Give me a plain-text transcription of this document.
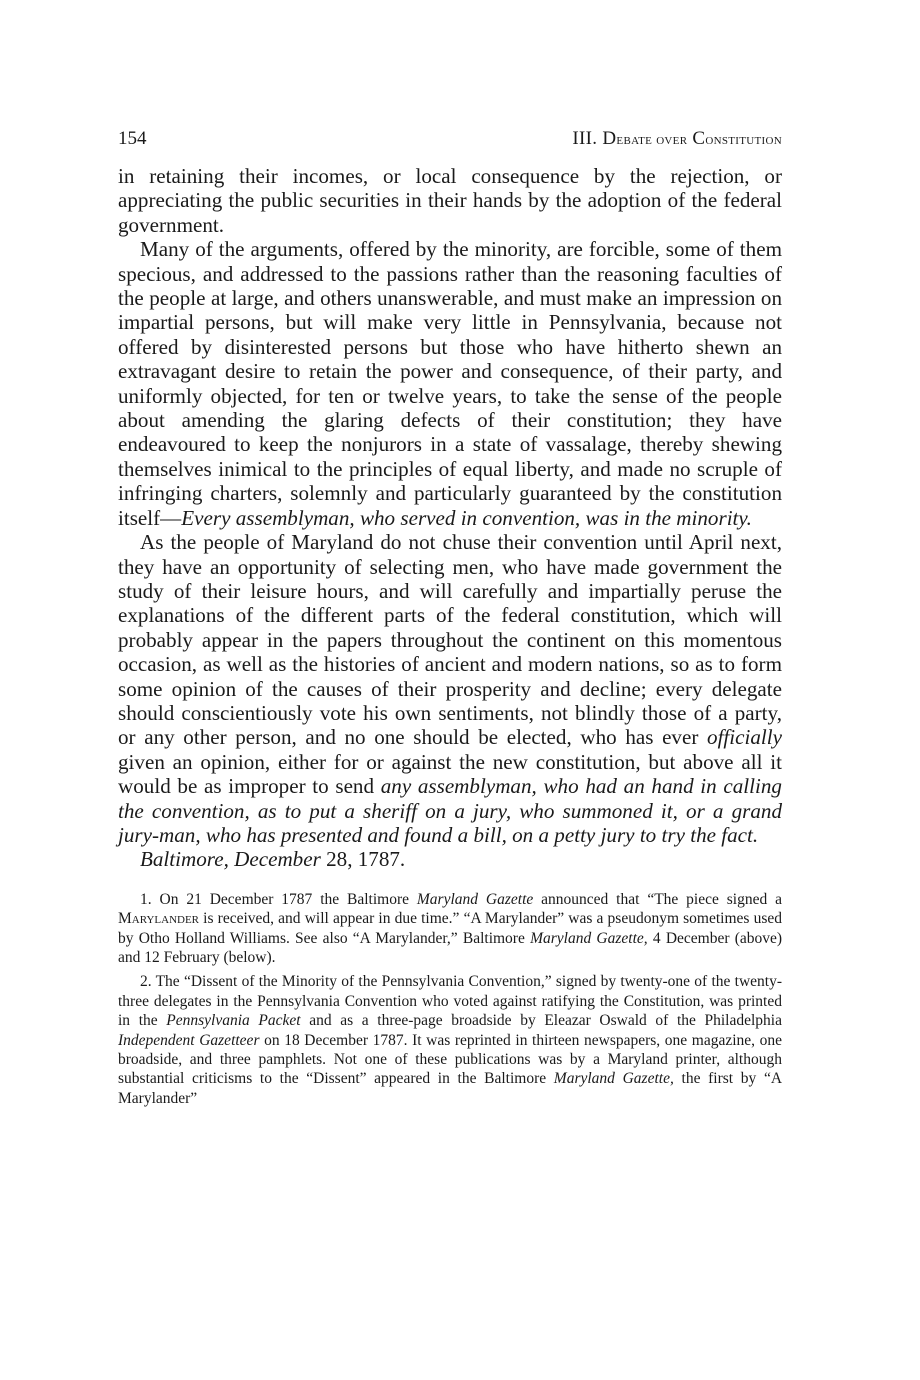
154	III. Debate over Constitution

in retaining their incomes, or local consequence by the rejection, or appreciating the public securities in their hands by the adoption of the federal government.

Many of the arguments, offered by the minority, are forcible, some of them specious, and addressed to the passions rather than the reasoning faculties of the people at large, and others unanswerable, and must make an impression on impartial persons, but will make very little in Pennsylvania, because not offered by disinterested persons but those who have hitherto shewn an extravagant desire to retain the power and consequence, of their party, and uniformly objected, for ten or twelve years, to take the sense of the people about amending the glaring defects of their constitution; they have endeavoured to keep the nonjurors in a state of vassalage, thereby shewing themselves inimical to the principles of equal liberty, and made no scruple of infringing charters, solemnly and particularly guaranteed by the constitution itself—Every assemblyman, who served in convention, was in the minority.

As the people of Maryland do not chuse their convention until April next, they have an opportunity of selecting men, who have made government the study of their leisure hours, and will carefully and impartially peruse the explanations of the different parts of the federal constitution, which will probably appear in the papers throughout the continent on this momentous occasion, as well as the histories of ancient and modern nations, so as to form some opinion of the causes of their prosperity and decline; every delegate should conscientiously vote his own sentiments, not blindly those of a party, or any other person, and no one should be elected, who has ever officially given an opinion, either for or against the new constitution, but above all it would be as improper to send any assemblyman, who had an hand in calling the convention, as to put a sheriff on a jury, who summoned it, or a grand jury-man, who has presented and found a bill, on a petty jury to try the fact.

Baltimore, December 28, 1787.

1. On 21 December 1787 the Baltimore Maryland Gazette announced that “The piece signed a Marylander is received, and will appear in due time.” “A Marylander” was a pseudonym sometimes used by Otho Holland Williams. See also “A Marylander,” Baltimore Maryland Gazette, 4 December (above) and 12 February (below).

2. The “Dissent of the Minority of the Pennsylvania Convention,” signed by twenty-one of the twenty-three delegates in the Pennsylvania Convention who voted against ratifying the Constitution, was printed in the Pennsylvania Packet and as a three-page broadside by Eleazar Oswald of the Philadelphia Independent Gazetteer on 18 December 1787. It was reprinted in thirteen newspapers, one magazine, one broadside, and three pamphlets. Not one of these publications was by a Maryland printer, although substantial criticisms to the “Dissent” appeared in the Baltimore Maryland Gazette, the first by “A Marylander”
